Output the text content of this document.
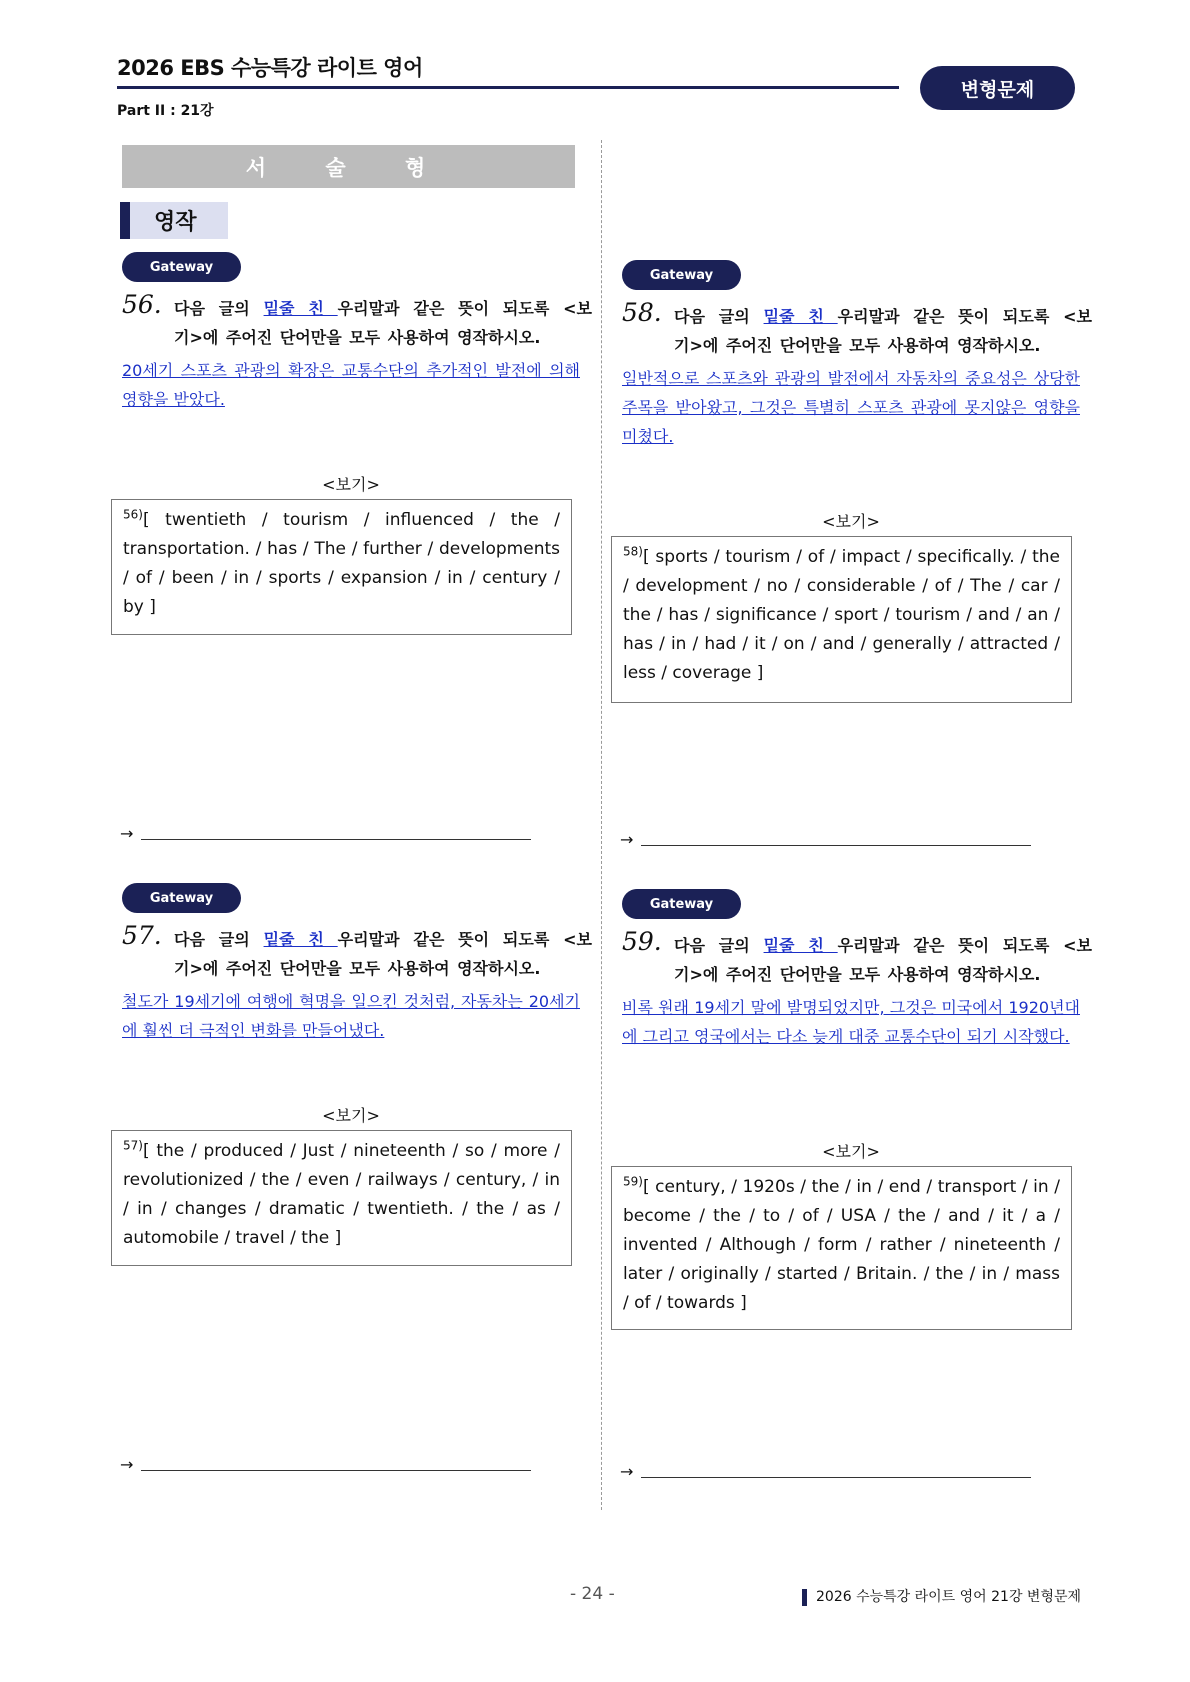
2026 EBS 수능특강 라이트 영어
Part II : 21강
변형문제
서 술 형
영작
Gateway
56. 다음 글의 밑줄 친 우리말과 같은 뜻이 되도록 <보
기>에 주어진 단어만을 모두 사용하여 영작하시오.
20세기 스포츠 관광의 확장은 교통수단의 추가적인 발전에 의해 영향을 받았다.
<보기>
$^{56)}$[ twentieth / tourism / influenced / the / transportation. / has / The / further / developments / of / been / in / sports / expansion / in / century / by ]
→
Gateway
57. 다음 글의 밑줄 친 우리말과 같은 뜻이 되도록 <보
기>에 주어진 단어만을 모두 사용하여 영작하시오.
철도가 19세기에 여행에 혁명을 일으킨 것처럼, 자동차는 20세기에 훨씬 더 극적인 변화를 만들어냈다.
<보기>
$^{57)}$[ the / produced / Just / nineteenth / so / more / revolutionized / the / even / railways / century, / in / in / changes / dramatic / twentieth. / the / as / automobile / travel / the ]
→
Gateway
58. 다음 글의 밑줄 친 우리말과 같은 뜻이 되도록 <보
기>에 주어진 단어만을 모두 사용하여 영작하시오.
일반적으로 스포츠와 관광의 발전에서 자동차의 중요성은 상당한 주목을 받아왔고, 그것은 특별히 스포츠 관광에 못지않은 영향을 미쳤다.
<보기>
$^{58)}$[ sports / tourism / of / impact / specifically. / the / development / no / considerable / of / The / car / the / has / significance / sport / tourism / and / an / has / in / had / it / on / and / generally / attracted / less / coverage ]
→
Gateway
59. 다음 글의 밑줄 친 우리말과 같은 뜻이 되도록 <보
기>에 주어진 단어만을 모두 사용하여 영작하시오.
비록 원래 19세기 말에 발명되었지만, 그것은 미국에서 1920년대에 그리고 영국에서는 다소 늦게 대중 교통수단이 되기 시작했다.
<보기>
$^{59)}$[ century, / 1920s / the / in / end / transport / in / become / the / to / of / USA / the / and / it / a / invented / Although / form / rather / nineteenth / later / originally / started / Britain. / the / in / mass / of / towards ]
→
- 24 -	2026 수능특강 라이트 영어 21강 변형문제
